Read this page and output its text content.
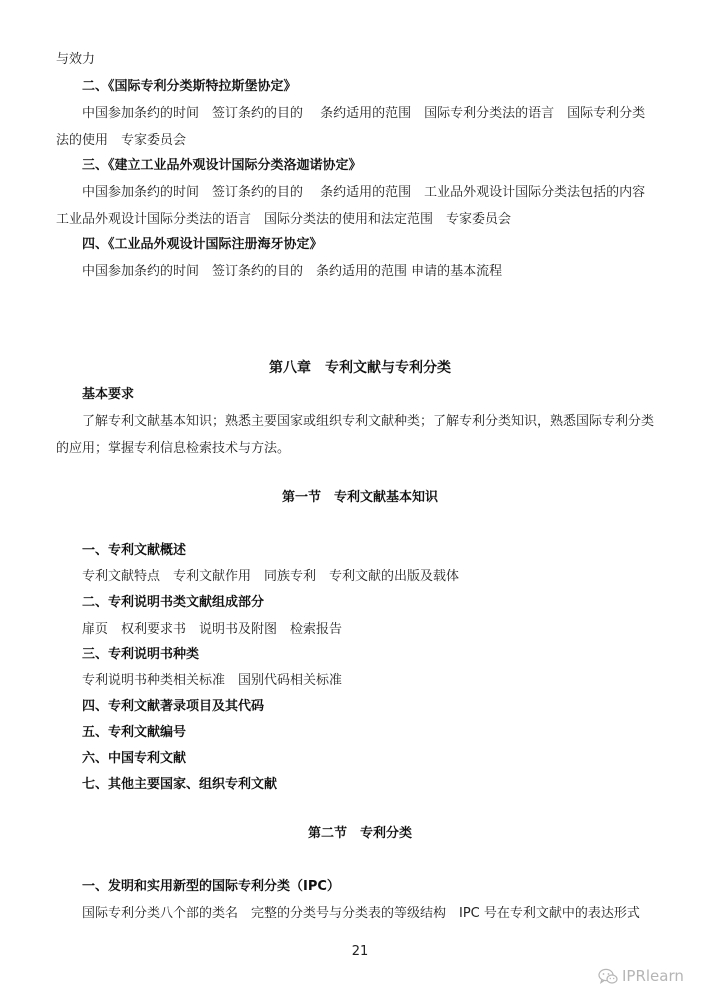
与效力
二、《国际专利分类斯特拉斯堡协定》
中国参加条约的时间　签订条约的目的　 条约适用的范围　国际专利分类法的语言　国际专利分类
法的使用　专家委员会
三、《建立工业品外观设计国际分类洛迦诺协定》
中国参加条约的时间　签订条约的目的　 条约适用的范围　工业品外观设计国际分类法包括的内容
工业品外观设计国际分类法的语言　国际分类法的使用和法定范围　专家委员会
四、《工业品外观设计国际注册海牙协定》
中国参加条约的时间　签订条约的目的　条约适用的范围 申请的基本流程
第八章　专利文献与专利分类
基本要求
了解专利文献基本知识；熟悉主要国家或组织专利文献种类；了解专利分类知识，熟悉国际专利分类
的应用；掌握专利信息检索技术与方法。
第一节　专利文献基本知识
一、专利文献概述
专利文献特点　专利文献作用　同族专利　专利文献的出版及载体
二、专利说明书类文献组成部分
扉页　权利要求书　说明书及附图　检索报告
三、专利说明书种类
专利说明书种类相关标准　国别代码相关标准
四、专利文献著录项目及其代码
五、专利文献编号
六、中国专利文献
七、其他主要国家、组织专利文献
第二节　专利分类
一、发明和实用新型的国际专利分类（IPC）
国际专利分类八个部的类名　完整的分类号与分类表的等级结构　IPC 号在专利文献中的表达形式
21
IPRlearn
